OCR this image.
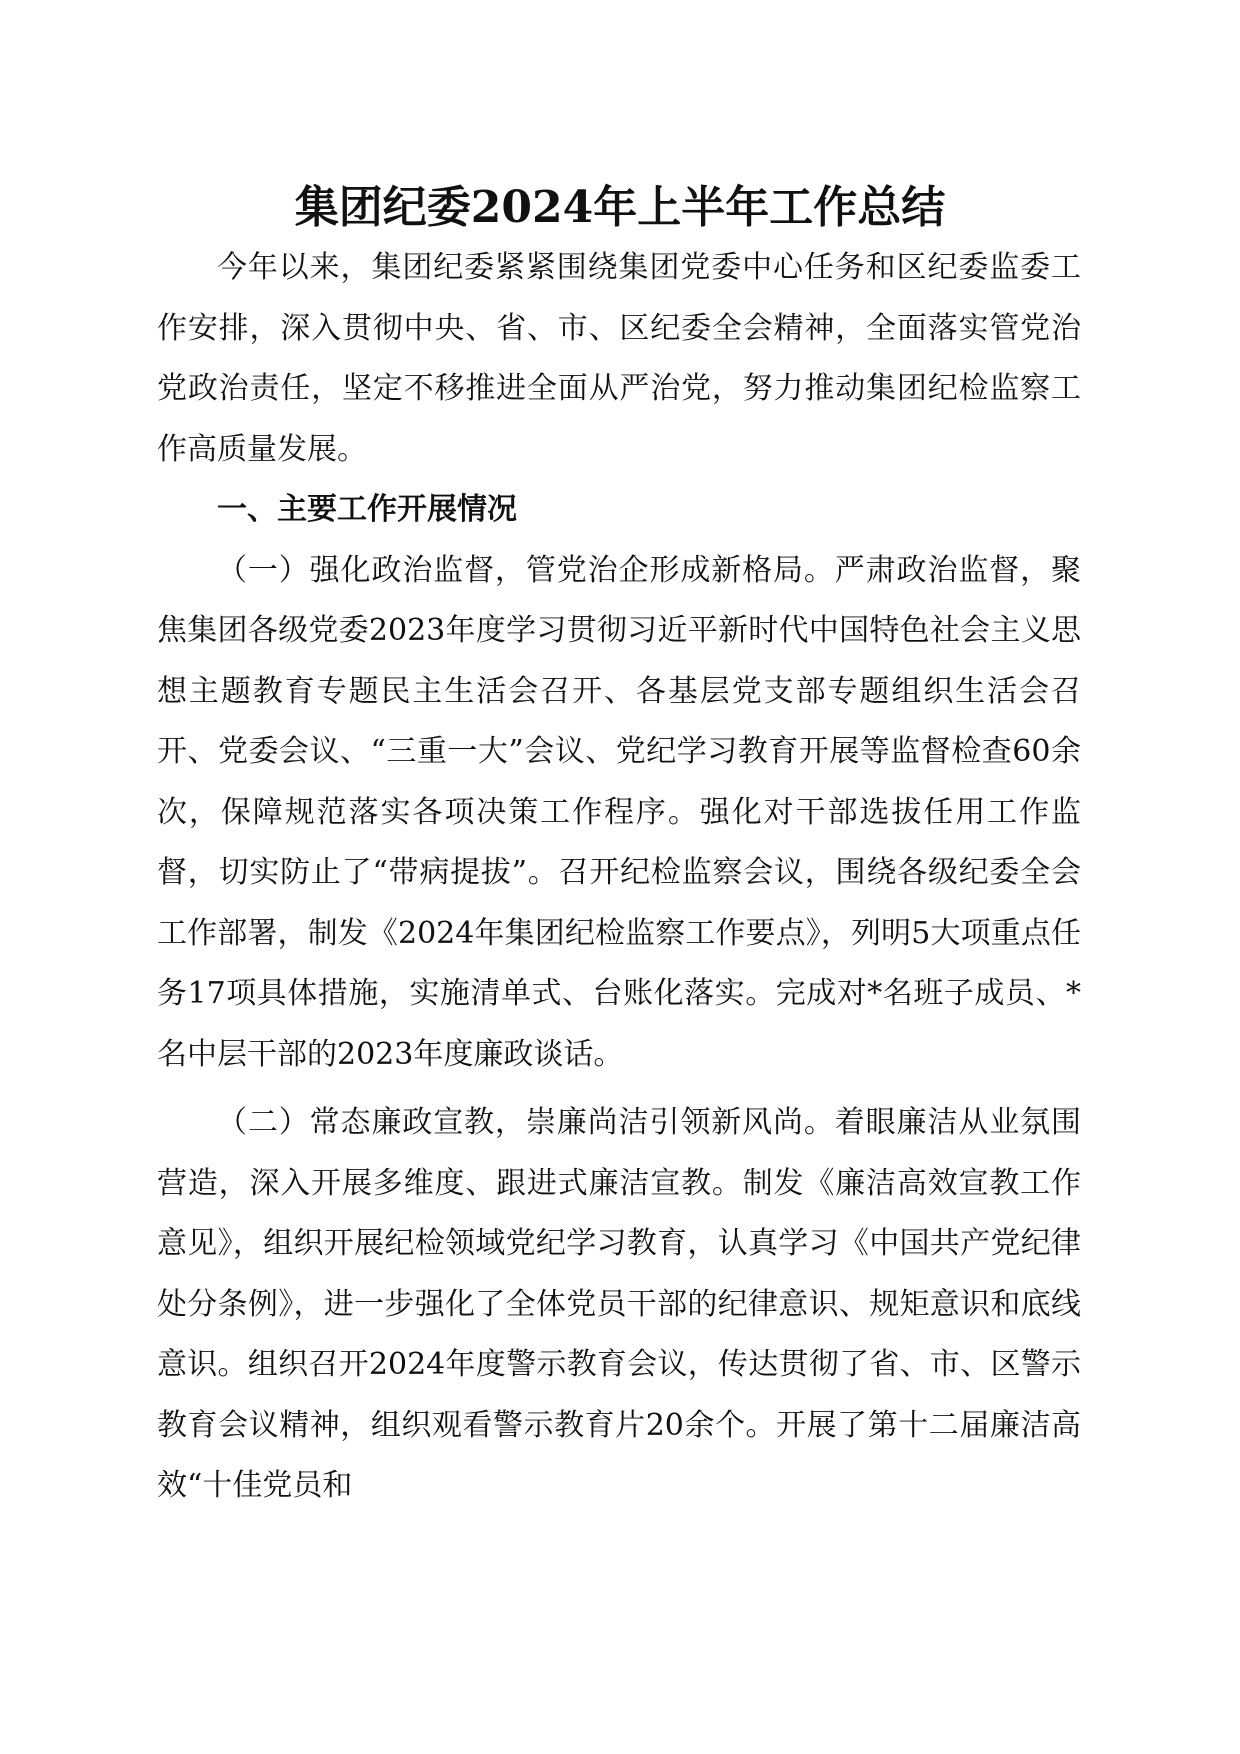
集团纪委2024年上半年工作总结

今年以来，集团纪委紧紧围绕集团党委中心任务和区纪委监委工作安排，深入贯彻中央、省、市、区纪委全会精神，全面落实管党治党政治责任，坚定不移推进全面从严治党，努力推动集团纪检监察工作高质量发展。

一、主要工作开展情况

（一）强化政治监督，管党治企形成新格局。严肃政治监督，聚焦集团各级党委2023年度学习贯彻习近平新时代中国特色社会主义思想主题教育专题民主生活会召开、各基层党支部专题组织生活会召开、党委会议、“三重一大”会议、党纪学习教育开展等监督检查60余次，保障规范落实各项决策工作程序。强化对干部选拔任用工作监督，切实防止了“带病提拔”。召开纪检监察会议，围绕各级纪委全会工作部署，制发《2024年集团纪检监察工作要点》，列明5大项重点任务17项具体措施，实施清单式、台账化落实。完成对*名班子成员、*名中层干部的2023年度廉政谈话。

（二）常态廉政宣教，崇廉尚洁引领新风尚。着眼廉洁从业氛围营造，深入开展多维度、跟进式廉洁宣教。制发《廉洁高效宣教工作意见》，组织开展纪检领域党纪学习教育，认真学习《中国共产党纪律处分条例》，进一步强化了全体党员干部的纪律意识、规矩意识和底线意识。组织召开2024年度警示教育会议，传达贯彻了省、市、区警示教育会议精神，组织观看警示教育片20余个。开展了第十二届廉洁高效“十佳党员和
